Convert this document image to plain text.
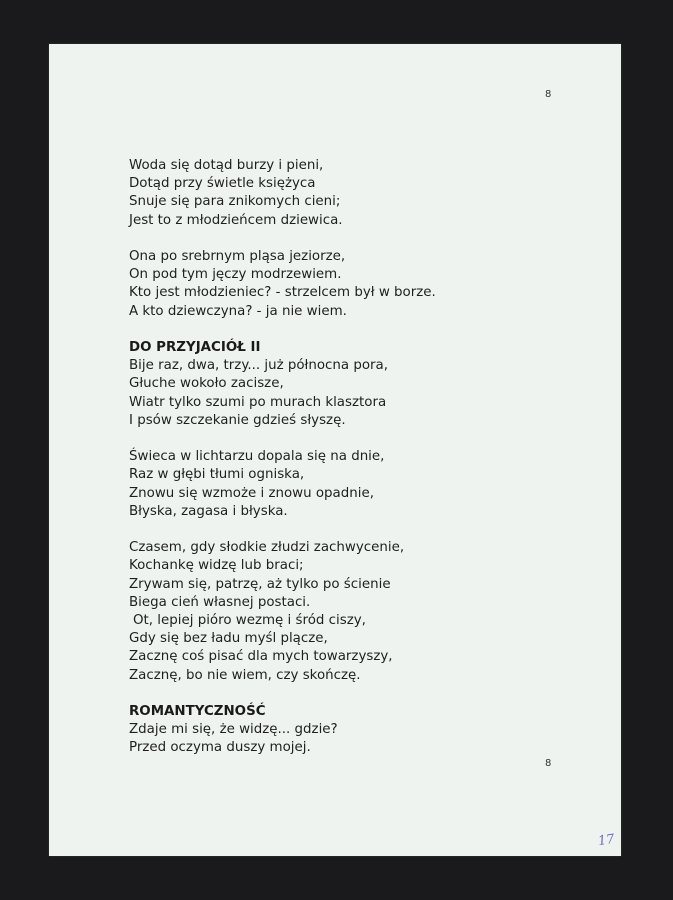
8
Woda się dotąd burzy i pieni,
Dotąd przy świetle księżyca
Snuje się para znikomych cieni;
Jest to z młodzieńcem dziewica.
Ona po srebrnym pląsa jeziorze,
On pod tym jęczy modrzewiem.
Kto jest młodzieniec? - strzelcem był w borze.
A kto dziewczyna? - ja nie wiem.
DO PRZYJACIÓŁ II
Bije raz, dwa, trzy... już północna pora,
Głuche wokoło zacisze,
Wiatr tylko szumi po murach klasztora
I psów szczekanie gdzieś słyszę.
Świeca w lichtarzu dopala się na dnie,
Raz w głębi tłumi ogniska,
Znowu się wzmoże i znowu opadnie,
Błyska, zagasa i błyska.
Czasem, gdy słodkie złudzi zachwycenie,
Kochankę widzę lub braci;
Zrywam się, patrzę, aż tylko po ścienie
Biega cień własnej postaci.
Ot, lepiej pióro wezmę i śród ciszy,
Gdy się bez ładu myśl plącze,
Zacznę coś pisać dla mych towarzyszy,
Zacznę, bo nie wiem, czy skończę.
ROMANTYCZNOŚĆ
Zdaje mi się, że widzę... gdzie?
Przed oczyma duszy mojej.
8
17
